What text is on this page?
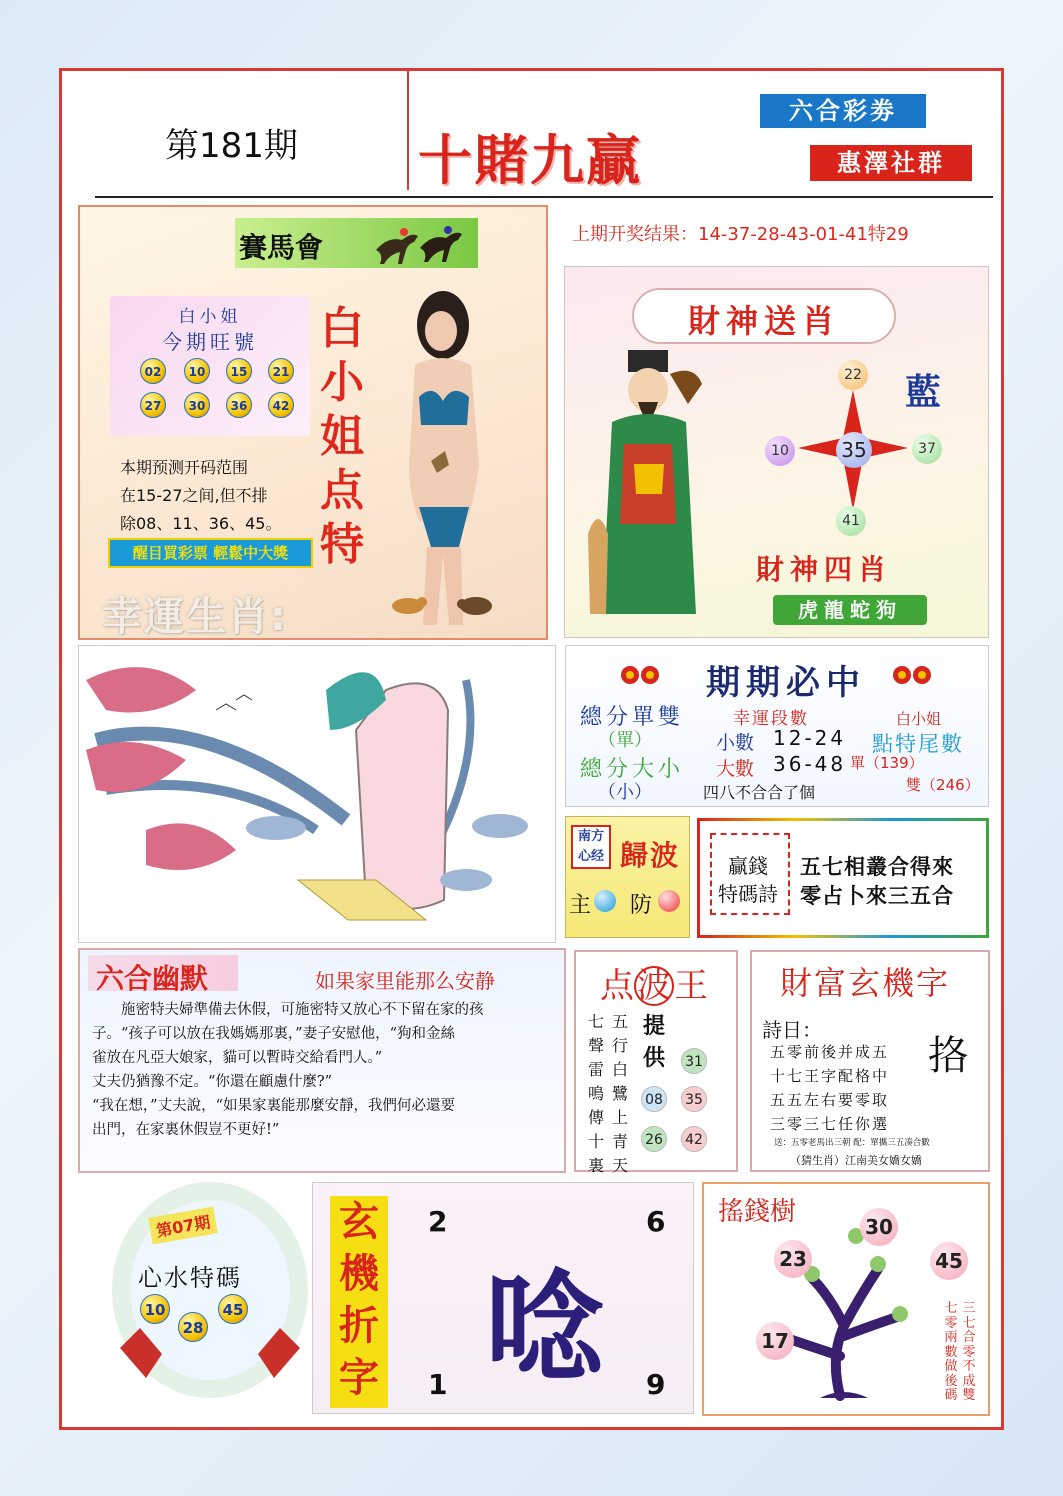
第181期 十賭九贏
六合彩劵
惠澤社群
賽馬會
白小姐
今期旺號
02	10	15	21
27	30	36	42
白小姐点特

本期预测开码范围

在15-27之间,但不排

除08、11、36、45。

醒目買彩票 輕鬆中大獎
幸運生肖:
上期开奖结果：14-37-28-43-01-41特29
財神送肖
藍
35
22
10	37
41
財神四肖
虎龍蛇狗
期期必中
總分單雙
（單）
總分大小
（小）
幸運段數
小數 12-24
大數 36-48
四八不合合了個
白小姐
點特尾數
單（139）
雙（246）
南方心经 歸波
主 防
贏錢
特碼詩
五七相叢合得來
零占卜來三五合
六合幽默	如果家里能那么安静

施密特夫婦準備去休假，可施密特又放心不下留在家的孩

子。“孩子可以放在我媽媽那裏，”妻子安慰他，“狗和金絲

雀放在凡亞大娘家，貓可以暫時交給看門人。”

丈夫仍猶豫不定。“你還在顧慮什麼?”

“我在想，”丈夫說，“如果家裏能那麼安靜，我們何必還要

出門，在家裏休假豈不更好!”

点波王
七聲雷鳴傳十裏
五行白鷺上青天
提供 31
08 35
26 42
財富玄機字
詩日：
挌

五零前後并成五

十七王字配格中

五五左右要零取

三零三七任你選

送：五零老馬出三朝 配：單攜三五凑合數
（猜生肖）江南美女嬌女嬌
第07期
心水特碼
10
28
45
玄機折字 唸
2	6
1	9
搖錢樹	30
23	45
17
三七合零不成雙
七零兩數做後碼
